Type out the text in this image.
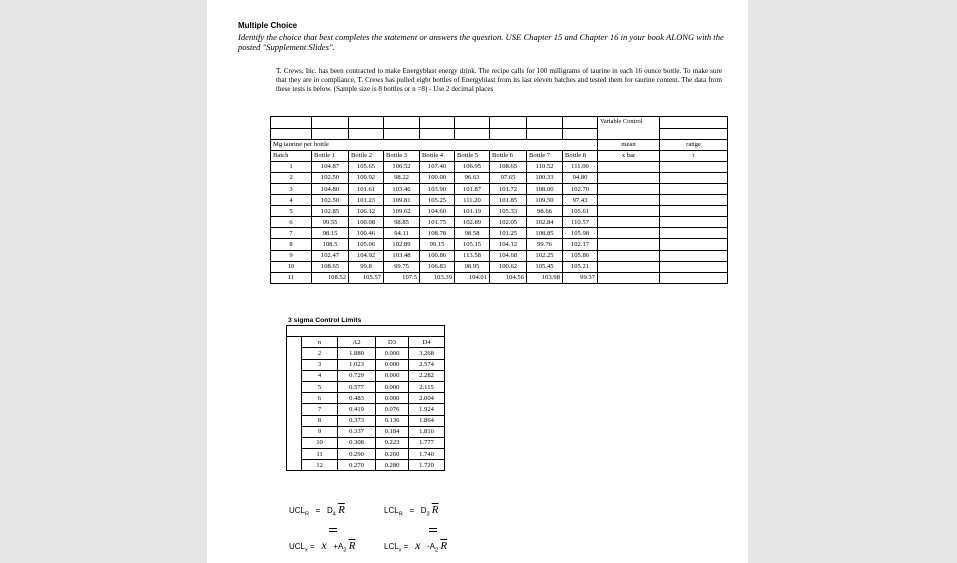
Multiple Choice
Identify the choice that best completes the statement or answers the question. USE Chapter 15 and Chapter 16 in your book ALONG with the posted "Supplement Slides".
T. Crews, Inc. has been contracted to make Energyblast energy drink. The recipe calls for 100 milligrams of taurine in each 16 ounce bottle. To make sure that they are in compliance, T. Crews has pulled eight bottles of Energyblast from its last eleven batches and tested them for taurine content. The data from these tests is below. (Sample size is 8 bottles or n =8) - Use 2 decimal places
									Variable Control	

Mg taurine per bottle									mean	range
Batch	Bottle 1	Bottle 2	Bottle 3	Bottle 4	Bottle 5	Bottle 6	Bottle 7	Bottle 8	x bar	r
1	104.87	105.65	106.52	107.40	106.95	108.65	110.52	111.00		
2	102.50	100.92	98.22	100.00	96.63	97.65	100.33	94.80		
3	104.80	101.61	103.46	103.90	101.87	101.72	108.00	102.70		
4	102.50	101.23	109.81	105.25	111.20	101.85	109.50	97.43		
5	102.85	106.12	109.62	104.60	101.19	105.33	98.66	105.61		
6	99.55	100.08	98.85	101.75	102.89	102.05	102.84	110.57		
7	98.15	100.46	94.11	108.78	98.58	101.25	108.85	105.98		
8	108.5	105.06	102.89	99.15	105.15	104.12	99.76	102.17		
9	102.47	104.92	103.48	100.86	113.58	104.68	102.25	105.86		
10	108.65	99.8	99.75	106.83	98.95	100.62	105.45	105.21		
11	108.52	105.57	107.5	103.39	104.01	104.56	103.98	99.37		
3 sigma Control Limits

	n	A2	D3	D4
	2	1.880	0.000	3.268
	3	1.023	0.000	2.574
	4	0.729	0.000	2.282
	5	0.577	0.000	2.115
	6	0.483	0.000	2.004
	7	0.419	0.076	1.924
	8	0.373	0.136	1.864
	9	0.337	0.184	1.816
	10	0.308	0.223	1.777
	11	0.290	0.260	1.740
	12	0.270	0.280	1.720
$UCL_R = D_4$ $\overline{R}$	$LCL_R = D_3$ $\overline{R}$
$UCL_x = x +A_2$ $\overline{R}$	$LCL_x = x$ $-A_2$ $\overline{R}$
